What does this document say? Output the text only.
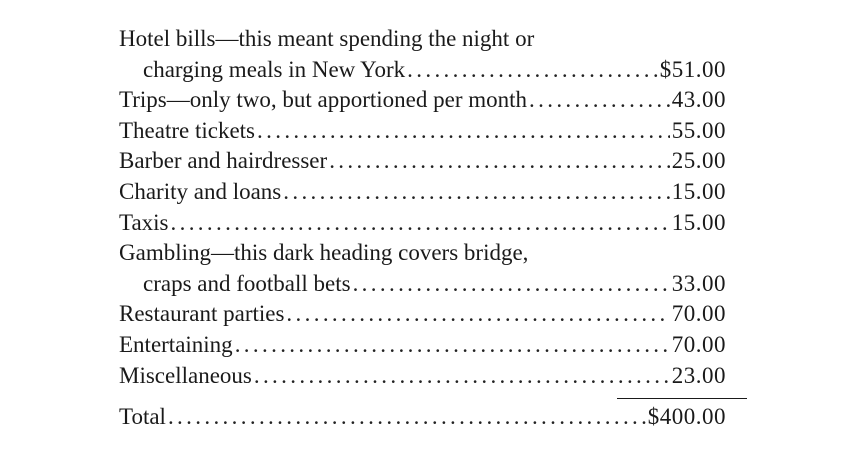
Hotel bills—this meant spending the night or
charging meals in New York . . .	$51.00
Trips—only two, but apportioned per month . . .	43.00
Theatre tickets . . .	55.00
Barber and hairdresser . . .	25.00
Charity and loans . . .	15.00
Taxis . . .	15.00
Gambling—this dark heading covers bridge,
craps and football bets . . .	33.00
Restaurant parties . . .	70.00
Entertaining . . .	70.00
Miscellaneous . . .	23.00
Total . . .	$400.00
